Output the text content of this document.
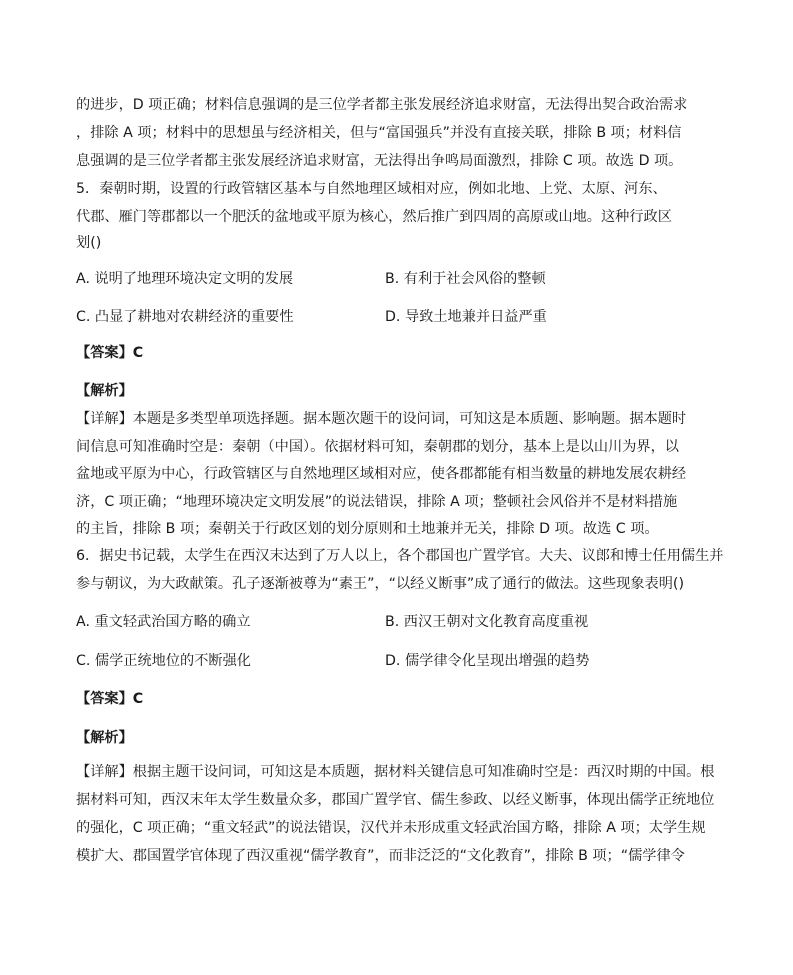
的进步，D 项正确；材料信息强调的是三位学者都主张发展经济追求财富，无法得出契合政治需求
，排除 A 项；材料中的思想虽与经济相关，但与“富国强兵”并没有直接关联，排除 B 项；材料信
息强调的是三位学者都主张发展经济追求财富，无法得出争鸣局面激烈，排除 C 项。故选 D 项。
5．秦朝时期，设置的行政管辖区基本与自然地理区域相对应，例如北地、上党、太原、河东、
代郡、雁门等郡都以一个肥沃的盆地或平原为核心，然后推广到四周的高原或山地。这种行政区
划()
A. 说明了地理环境决定文明的发展	B. 有利于社会风俗的整顿
C. 凸显了耕地对农耕经济的重要性	D. 导致土地兼并日益严重
【答案】C
【解析】
【详解】本题是多类型单项选择题。据本题次题干的设问词，可知这是本质题、影响题。据本题时
间信息可知准确时空是：秦朝（中国）。依据材料可知，秦朝郡的划分，基本上是以山川为界，以
盆地或平原为中心，行政管辖区与自然地理区域相对应，使各郡都能有相当数量的耕地发展农耕经
济，C 项正确；“地理环境决定文明发展”的说法错误，排除 A 项；整顿社会风俗并不是材料措施
的主旨，排除 B 项；秦朝关于行政区划的划分原则和土地兼并无关，排除 D 项。故选 C 项。
6．据史书记载，太学生在西汉末达到了万人以上，各个郡国也广置学官。大夫、议郎和博士任用儒生并
参与朝议，为大政献策。孔子逐渐被尊为“素王”，“以经义断事”成了通行的做法。这些现象表明()
A. 重文轻武治国方略的确立	B. 西汉王朝对文化教育高度重视
C. 儒学正统地位的不断强化	D. 儒学律令化呈现出增强的趋势
【答案】C
【解析】
【详解】根据主题干设问词，可知这是本质题，据材料关键信息可知准确时空是：西汉时期的中国。根
据材料可知，西汉末年太学生数量众多，郡国广置学官、儒生参政、以经义断事，体现出儒学正统地位
的强化，C 项正确；“重文轻武”的说法错误，汉代并未形成重文轻武治国方略，排除 A 项；太学生规
模扩大、郡国置学官体现了西汉重视“儒学教育”，而非泛泛的“文化教育”，排除 B 项；“儒学律令
